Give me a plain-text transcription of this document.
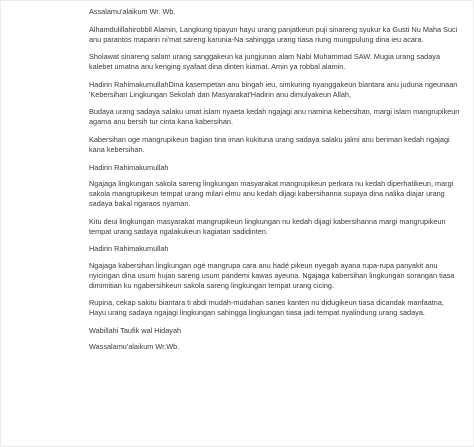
Assalamu'alaikum Wr. Wb.

Alhamdulillahirobbil Alamin, Langkung tipayun hayu urang panjatkeun puji sinareng syukur ka Gusti Nu Maha Suci anu parantos maparin ni'mat sareng karunia-Na sahingga urang tiasa riung mungpulung dina ieu acara.

Sholawat sinareng salam urang sanggakeun ka jungjunan alam Nabi Muhammad SAW. Mugia urang sadaya kalebet umatna anu kenging syafaat dina dinten kiamat. Amin ya robbal alamin.

Hadirin RahimakumullahDina kasempetan anu bingah ieu, simkuring nyanggakeun biantara anu juduna ngeunaan 'Kebersihan Lingkungan Sekolah dan Masyarakat'Hadirin anu dimulyakeun Allah,

Budaya urang sadaya salaku umat islam nyaeta kedah ngajagi anu namina kebersihan, margi islam mangrupikeun agama anu bersih tur cinta kana kabersihan.

Kabersihan oge mangrupikeun bagian tina iman kukituna urang sadaya salaku jalmi anu beriman kedah ngajagi kana kebersihan.

Hadirin Rahimakumullah

Ngajaga lingkungan sakola sareng lingkungan masyarakat mangrupikeun perkara nu kedah diperhatikeun, margi sakola mangrupikeun tempat urang milari elmu anu kedah dijagi kabersihanna supaya dina nalika diajar urang sadaya bakal ngaraos nyaman.

Kitu deui lingkungan masyarakat mangrupikeun lingkungan nu kedah dijagi kabersihanna margi mangrupikeun tempat urang sadaya ngalakukeun kagiatan sadidinten.

Hadirin Rahimakumullah

Ngajaga kabersihan lingkungan ogé mangrupa cara anu hadé pikeun nyegah ayana rupa-rupa panyakit anu nyicingan dina usum hujan sareng usum pandemi kawas ayeuna. Ngajaga kabersihan lingkungan sorangan tiasa dimimitian ku ngabersihkeun sakola sareng lingkungan tempat urang cicing.

Rupina, cekap sakitu biantara ti abdi mudah-mudahan sanes kanten nu didugikeun tiasa dicandak manfaatna, Hayu urang sadaya ngajagi lingkungan sahingga lingkungan tiasa jadi tempat nyalindung urang sadaya.

Wabillahi Taufik wal Hidayah

Wassalamu'alaikum Wr.Wb.
